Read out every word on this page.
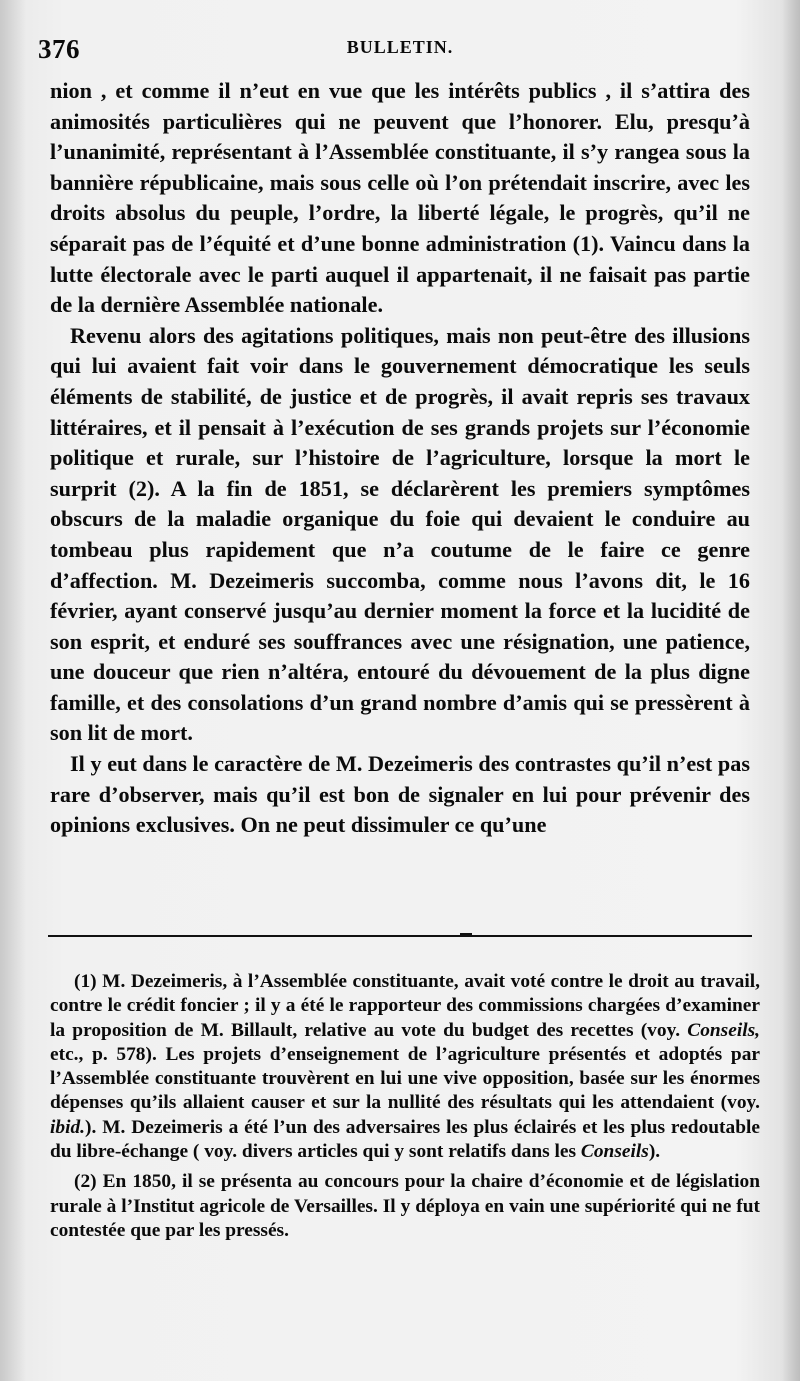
376	BULLETIN.

nion , et comme il n’eut en vue que les intérêts publics , il s’attira des animosités particulières qui ne peuvent que l’honorer. Elu, presqu’à l’unanimité, représentant à l’Assemblée constituante, il s’y rangea sous la bannière républicaine, mais sous celle où l’on prétendait inscrire, avec les droits absolus du peuple, l’ordre, la liberté légale, le progrès, qu’il ne séparait pas de l’équité et d’une bonne administration (1). Vaincu dans la lutte électorale avec le parti auquel il appartenait, il ne faisait pas partie de la dernière Assemblée nationale.

Revenu alors des agitations politiques, mais non peut-être des illusions qui lui avaient fait voir dans le gouvernement démocratique les seuls éléments de stabilité, de justice et de progrès, il avait repris ses travaux littéraires, et il pensait à l’exécution de ses grands projets sur l’économie politique et rurale, sur l’histoire de l’agriculture, lorsque la mort le surprit (2). A la fin de 1851, se déclarèrent les premiers symptômes obscurs de la maladie organique du foie qui devaient le conduire au tombeau plus rapidement que n’a coutume de le faire ce genre d’affection. M. Dezeimeris succomba, comme nous l’avons dit, le 16 février, ayant conservé jusqu’au dernier moment la force et la lucidité de son esprit, et enduré ses souffrances avec une résignation, une patience, une douceur que rien n’altéra, entouré du dévouement de la plus digne famille, et des consolations d’un grand nombre d’amis qui se pressèrent à son lit de mort.

Il y eut dans le caractère de M. Dezeimeris des contrastes qu’il n’est pas rare d’observer, mais qu’il est bon de signaler en lui pour prévenir des opinions exclusives. On ne peut dissimuler ce qu’une

(1) M. Dezeimeris, à l’Assemblée constituante, avait voté contre le droit au travail, contre le crédit foncier ; il y a été le rapporteur des commissions chargées d’examiner la proposition de M. Billault, relative au vote du budget des recettes (voy. Conseils, etc., p. 578). Les projets d’enseignement de l’agriculture présentés et adoptés par l’Assemblée constituante trouvèrent en lui une vive opposition, basée sur les énormes dépenses qu’ils allaient causer et sur la nullité des résultats qui les attendaient (voy. ibid.). M. Dezeimeris a été l’un des adversaires les plus éclairés et les plus redoutable du libre-échange ( voy. divers articles qui y sont relatifs dans les Conseils).

(2) En 1850, il se présenta au concours pour la chaire d’économie et de législation rurale à l’Institut agricole de Versailles. Il y déploya en vain une supériorité qui ne fut contestée que par les pressés.
